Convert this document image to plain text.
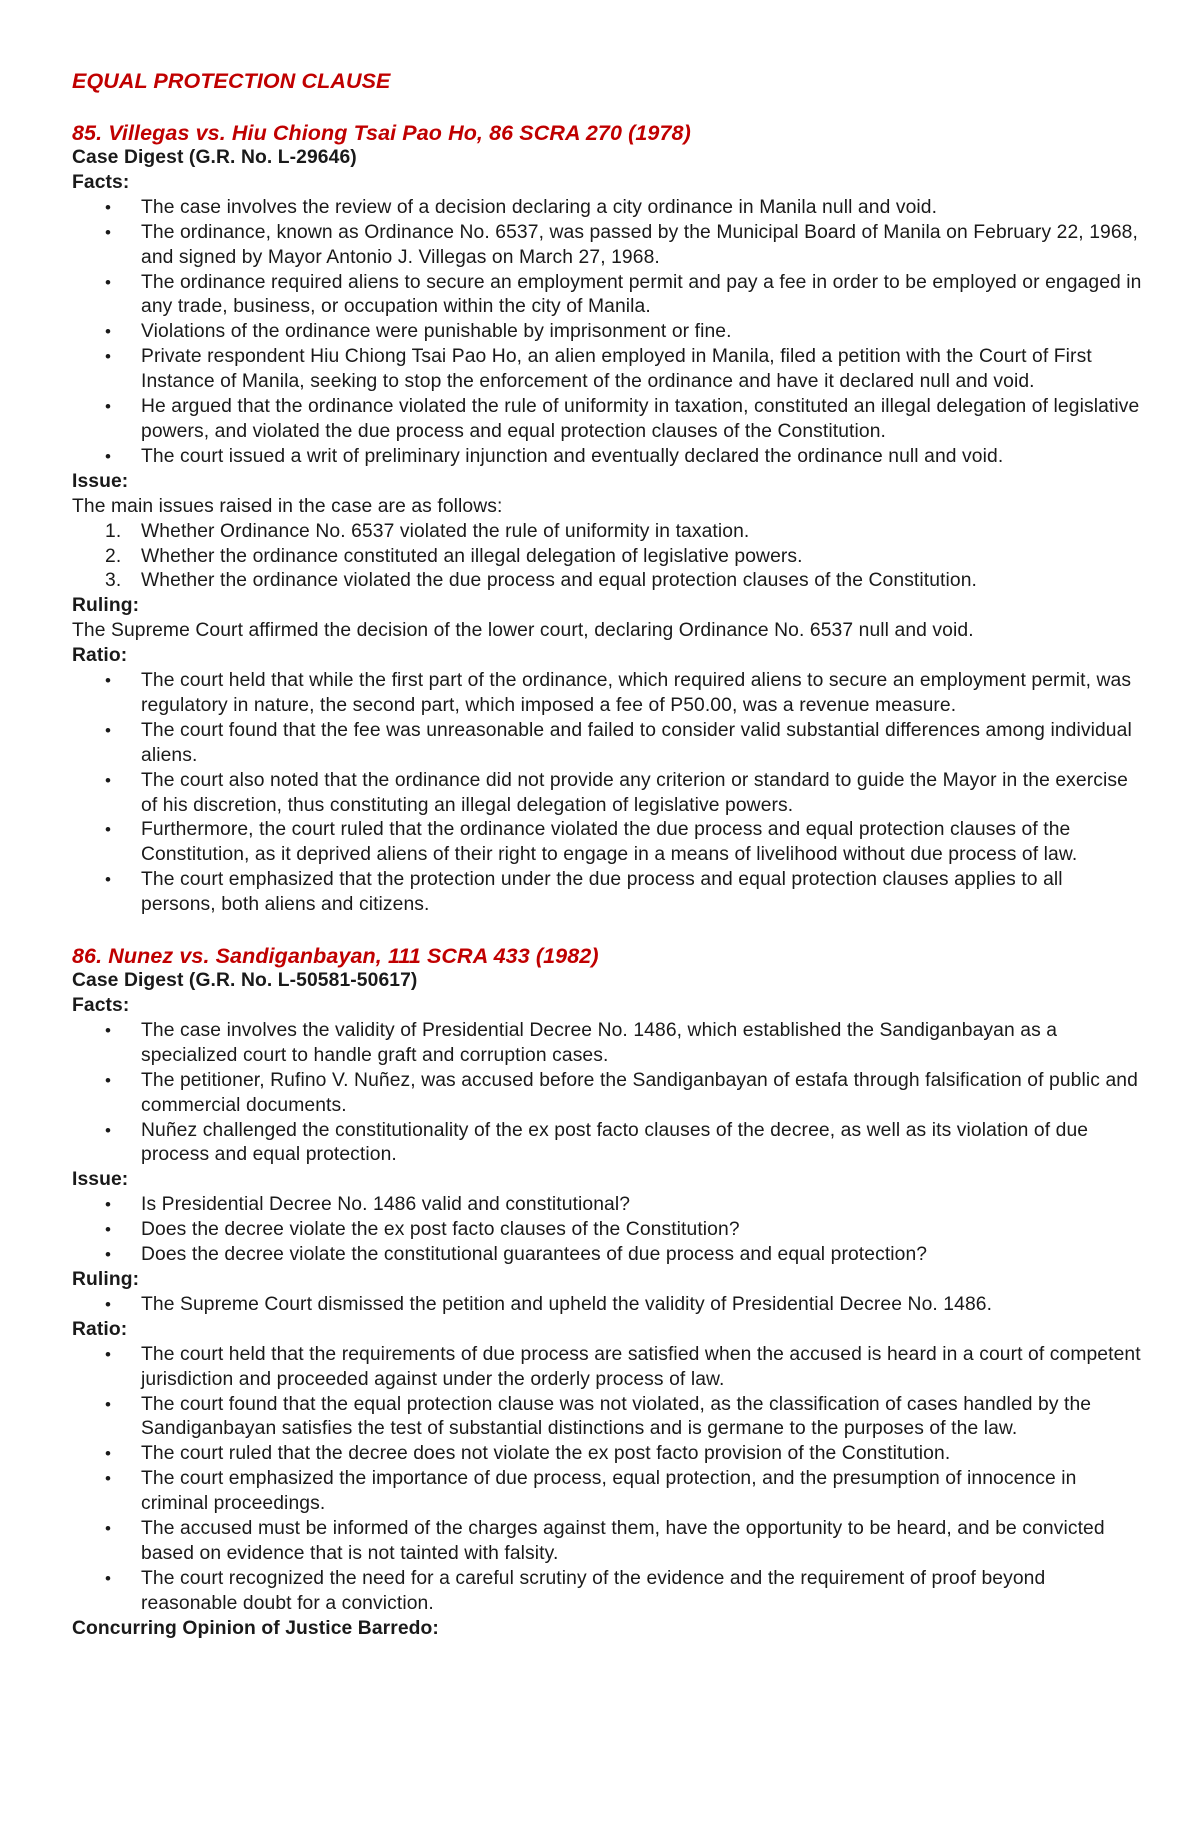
EQUAL PROTECTION CLAUSE

85. Villegas vs. Hiu Chiong Tsai Pao Ho, 86 SCRA 270 (1978)

Case Digest (G.R. No. L-29646)

Facts:

• The case involves the review of a decision declaring a city ordinance in Manila null and void.
• The ordinance, known as Ordinance No. 6537, was passed by the Municipal Board of Manila on February 22, 1968, and signed by Mayor Antonio J. Villegas on March 27, 1968.
• The ordinance required aliens to secure an employment permit and pay a fee in order to be employed or engaged in any trade, business, or occupation within the city of Manila.
• Violations of the ordinance were punishable by imprisonment or fine.
• Private respondent Hiu Chiong Tsai Pao Ho, an alien employed in Manila, filed a petition with the Court of First Instance of Manila, seeking to stop the enforcement of the ordinance and have it declared null and void.
• He argued that the ordinance violated the rule of uniformity in taxation, constituted an illegal delegation of legislative powers, and violated the due process and equal protection clauses of the Constitution.
• The court issued a writ of preliminary injunction and eventually declared the ordinance null and void.

Issue:

The main issues raised in the case are as follows:

1. Whether Ordinance No. 6537 violated the rule of uniformity in taxation.
2. Whether the ordinance constituted an illegal delegation of legislative powers.
3. Whether the ordinance violated the due process and equal protection clauses of the Constitution.

Ruling:

The Supreme Court affirmed the decision of the lower court, declaring Ordinance No. 6537 null and void.

Ratio:

• The court held that while the first part of the ordinance, which required aliens to secure an employment permit, was regulatory in nature, the second part, which imposed a fee of P50.00, was a revenue measure.
• The court found that the fee was unreasonable and failed to consider valid substantial differences among individual aliens.
• The court also noted that the ordinance did not provide any criterion or standard to guide the Mayor in the exercise of his discretion, thus constituting an illegal delegation of legislative powers.
• Furthermore, the court ruled that the ordinance violated the due process and equal protection clauses of the Constitution, as it deprived aliens of their right to engage in a means of livelihood without due process of law.
• The court emphasized that the protection under the due process and equal protection clauses applies to all persons, both aliens and citizens.

86. Nunez vs. Sandiganbayan, 111 SCRA 433 (1982)

Case Digest (G.R. No. L-50581-50617)

Facts:

• The case involves the validity of Presidential Decree No. 1486, which established the Sandiganbayan as a specialized court to handle graft and corruption cases.
• The petitioner, Rufino V. Nuñez, was accused before the Sandiganbayan of estafa through falsification of public and commercial documents.
• Nuñez challenged the constitutionality of the ex post facto clauses of the decree, as well as its violation of due process and equal protection.

Issue:

• Is Presidential Decree No. 1486 valid and constitutional?
• Does the decree violate the ex post facto clauses of the Constitution?
• Does the decree violate the constitutional guarantees of due process and equal protection?

Ruling:

• The Supreme Court dismissed the petition and upheld the validity of Presidential Decree No. 1486.

Ratio:

• The court held that the requirements of due process are satisfied when the accused is heard in a court of competent jurisdiction and proceeded against under the orderly process of law.
• The court found that the equal protection clause was not violated, as the classification of cases handled by the Sandiganbayan satisfies the test of substantial distinctions and is germane to the purposes of the law.
• The court ruled that the decree does not violate the ex post facto provision of the Constitution.
• The court emphasized the importance of due process, equal protection, and the presumption of innocence in criminal proceedings.
• The accused must be informed of the charges against them, have the opportunity to be heard, and be convicted based on evidence that is not tainted with falsity.
• The court recognized the need for a careful scrutiny of the evidence and the requirement of proof beyond reasonable doubt for a conviction.

Concurring Opinion of Justice Barredo:
